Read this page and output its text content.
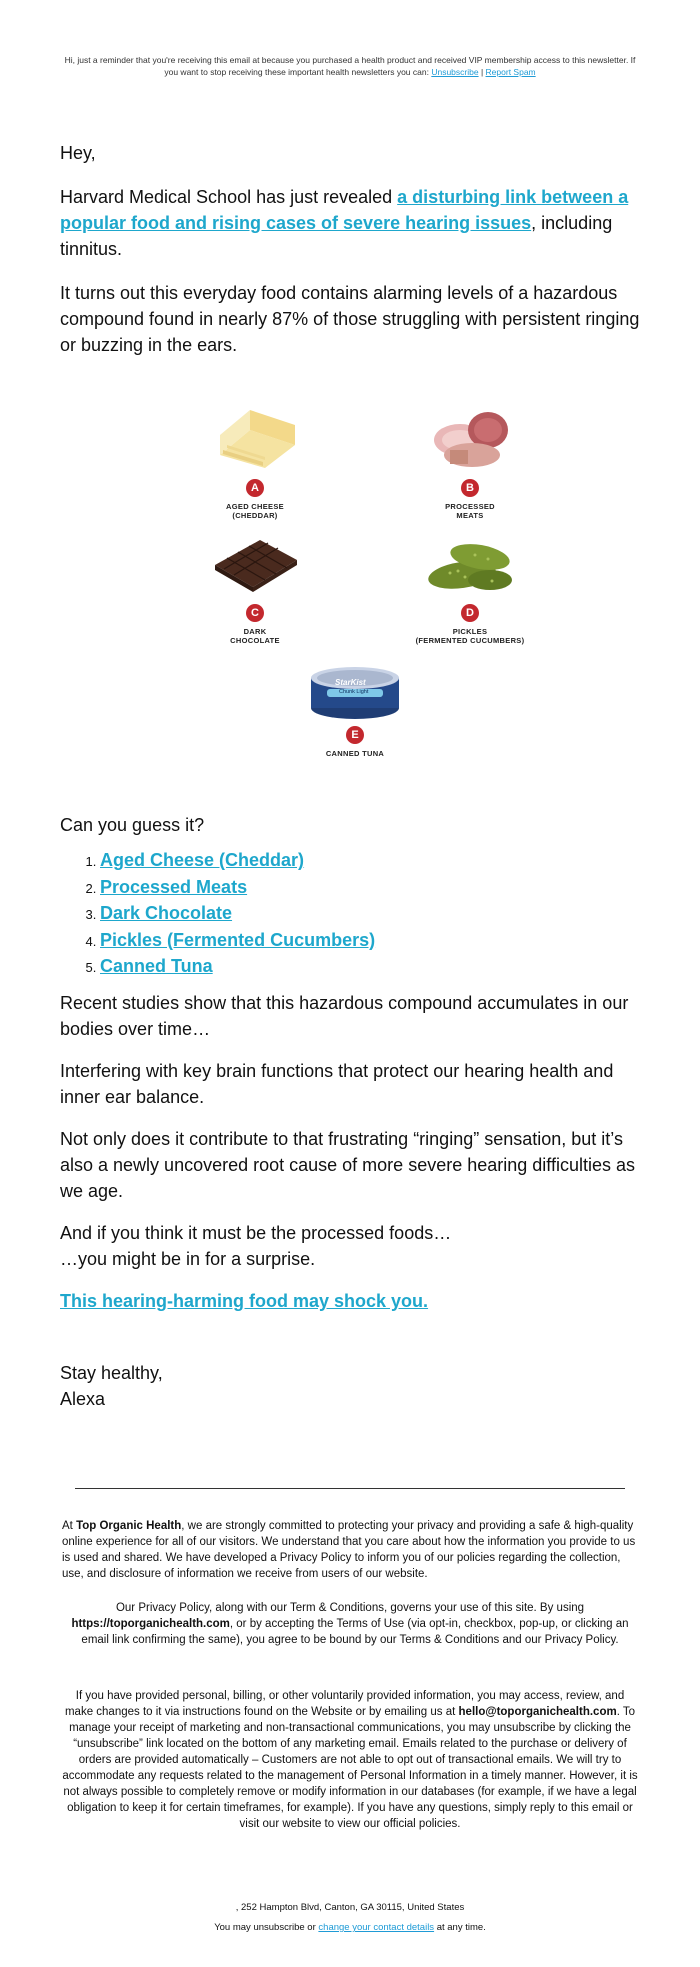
Hi, just a reminder that you're receiving this email at because you purchased a health product and received VIP membership access to this newsletter. If you want to stop receiving these important health newsletters you can: Unsubscribe | Report Spam

Hey,

Harvard Medical School has just revealed a disturbing link between a popular food and rising cases of severe hearing issues, including tinnitus.

It turns out this everyday food contains alarming levels of a hazardous compound found in nearly 87% of those struggling with persistent ringing or buzzing in the ears.

Can you guess it?

1. Aged Cheese (Cheddar)
2. Processed Meats
3. Dark Chocolate
4. Pickles (Fermented Cucumbers)
5. Canned Tuna

Recent studies show that this hazardous compound accumulates in our bodies over time…

Interfering with key brain functions that protect our hearing health and inner ear balance.

Not only does it contribute to that frustrating “ringing” sensation, but it’s also a newly uncovered root cause of more severe hearing difficulties as we age.

And if you think it must be the processed foods…
…you might be in for a surprise.

This hearing-harming food may shock you.

Stay healthy,
Alexa

A
AGED CHEESE
(CHEDDAR)
B
PROCESSED
MEATS
C
DARK
CHOCOLATE
D
PICKLES
(FERMENTED CUCUMBERS)
StarKist
Chunk Light
E
CANNED TUNA
At Top Organic Health, we are strongly committed to protecting your privacy and providing a safe & high-quality online experience for all of our visitors. We understand that you care about how the information you provide to us is used and shared. We have developed a Privacy Policy to inform you of our policies regarding the collection, use, and disclosure of information we receive from users of our website.
Our Privacy Policy, along with our Term & Conditions, governs your use of this site. By using https://toporganichealth.com, or by accepting the Terms of Use (via opt-in, checkbox, pop-up, or clicking an email link confirming the same), you agree to be bound by our Terms & Conditions and our Privacy Policy.
If you have provided personal, billing, or other voluntarily provided information, you may access, review, and make changes to it via instructions found on the Website or by emailing us at hello@toporganichealth.com. To manage your receipt of marketing and non-transactional communications, you may unsubscribe by clicking the “unsubscribe” link located on the bottom of any marketing email. Emails related to the purchase or delivery of orders are provided automatically – Customers are not able to opt out of transactional emails. We will try to accommodate any requests related to the management of Personal Information in a timely manner. However, it is not always possible to completely remove or modify information in our databases (for example, if we have a legal obligation to keep it for certain timeframes, for example). If you have any questions, simply reply to this email or visit our website to view our official policies.
, 252 Hampton Blvd, Canton, GA 30115, United States
You may unsubscribe or change your contact details at any time.
